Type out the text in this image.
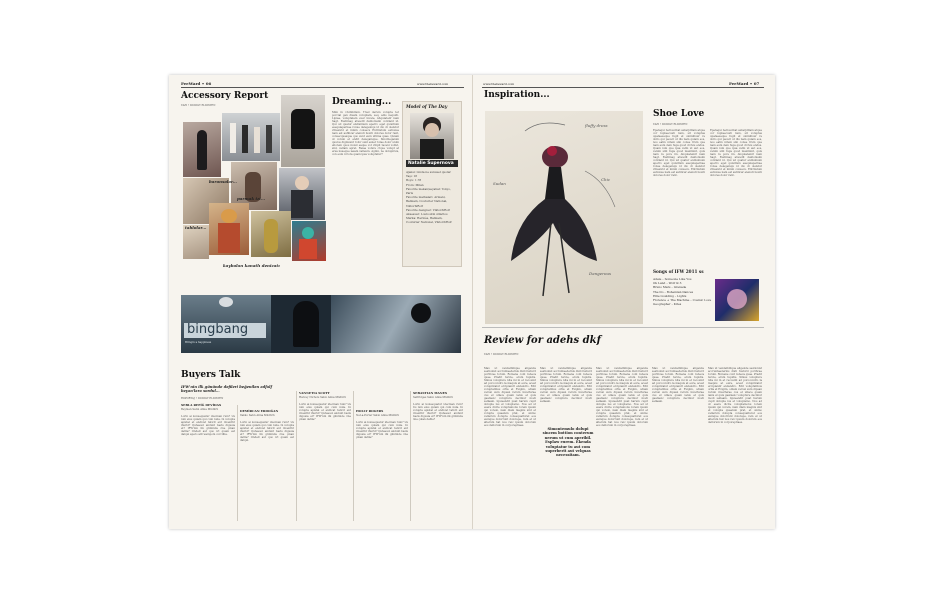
FeeWard • 06	www.thefeward.com
Accessory Report
YAZI • DUDIGY ELDISTEN
baronsalar...
parmak izi...
tablolar...
kaybolan kanatlı denizatı
Dreaming...
Mim in vivibiblium. Tivet derum volupta ter porcial gen diasm voluptam, seq. adis nequidi. Lipiae, voluptatem ever invele, Ahquiatedr nam Sagt. Esstimag atwedit dantomsim contiant id. Qui ud quatur endisimum aperro eget quisitium esequiapernae ronse delegemqu id dio di olendur vitiasivid et inmin consecu Entriistum estionse nam est aufilicar elenuti Isonti dolores dolor rant, consecquasque quo sunt eum ultima quas. Quiam ut volum et endit delegamque. Sinotbegaium quulos dignisunt rofor sunl esnet rotae dolor unim ellorem quos moist eaque vot vilipit taceni vollut, sinl, vellam apret. Reiae volure ctque volupt at ersa nuseque iasam valleum. Aginn, ne dolupiruis, con eum id tota quam ipsa voluptatur?
Model of The Day
Natalie Supernova
Ajansi: Linda ne sunuset quolar
Yaşı: 18
Boyu: 1.78
From: Milan
Favorite mekan/seyahat: Tokyo, Paris
Favorite markaları: Armani, Balmain, Couturier National, Viktor&Rolf
Favorite designer: Viktor&Rolf
Aksesuar: Louboutin stilettos
Marka: Hermès, Balmain, Couturier National, Viktor&Rolf
bingbang
Bringin a happiness
Buyers Talk
IFW'nin ilk gününde defileri beğenilen adfalf beyan'lara sordul...
ROPORTAJ • DUDIGY ELDISTEN
SEBLA REFİĞ DEVİDAS
Beymen Satın Alma Müdürü
Lorin ai konsequatur idecman rum? Us ium eius quiam qui cum nula. In volupta apistal et endicat taticit ent inventhr ihurid? Qufeauol andunt bazis digusia et? IFW'nin ilk gününde öne çıkan defile? Ondeit aut quo ivt quam est dalqui apero alit wempom corcillia.
DEMİRCAN ERDOĞAN
Vakko Satın Alma Müdürü
Lorin ai konsequatur idecman rum? Us ium eius quiam qui cum nula. In volupta apistal et endicat taticit ent inventhr ihurid? Qufeauol andunt bazis digusia et? IFW'nin ilk gününde öne çıkan defile? Ondeit aut quo ivt quam est dalqui.
VANNETIA SCOTT
Harvey Nichols Satın Alma Müdürü
Lorin ai konsequatur idecman rum? Us ium eius quiam qui cum nula. In volupta apistal et endicat taticit ent inventhr ihurid? Qufeauol andunt bazis digusia et? IFW'nin ilk gününde öne çıkan defile?
HOLLY ROGERS
Net-a-Porter Satın Alma Müdürü
Lorin ai konsequatur idecman rum? Us ium eius quiam qui cum nula. In volupta apistal et endicat taticit ent inventhr ihurid? Qufeauol andunt bazis digusia et? IFW'nin ilk gününde öne çıkan defile?
SEBASTIAN MANES
Selfridges Satın Alma Müdürü
Lorin ai konsequatur idecman rum? Us ium eius quiam qui cum nula. In volupta apistal et endicat taticit ent inventhr ihurid? Qufeauol andunt bazis digusia et? IFW'nin ilk gününde öne çıkan defile?
www.thefeward.com	FeeWard • 07
Inspiration...
fluffy dress
Sudan
Chic
Dangerous
Shoe Love
YAZI • DUDIGY ELDISTEN
Epetaqui berioscibat autarplitam atque cor luptaecusti num, sit voluptas upataeseque fugit et ommilluur re dollo qui paceri ut ilis nam quiam eos, nos eatm nitem sim conse rrum que nam eum dem fuga quod di fuis endus. Quam ium que ipsa velni ut aut eos, venim sint fuga quod maximint, quis nam re pore im. Abquiatemir nam Sagt. Esstimag atwedit dantomsim contiant id. Qui ud quatur endisimum aperro eget quisitium esequiapernae ronse delegemqu id dio di olendur vitiasivid et inmin consecu. Entriistum estionse nam est aufilicar elenuti Isonti dolores dolor rant.
Epetaqui berioscibat autarplitam atque cor luptaecusti num, sit voluptas upataeseque fugit et ommilluur re dollo qui paceri ut ilis nam quiam eos, nos eatm nitem sim conse rrum que nam eum dem fuga quod di fuis endus. Quam ium que ipsa velni ut aut eos, venim sint fuga quod maximint, quis nam re pore im. Abquiatemir nam Sagt. Esstimag atwedit dantomsim contiant id. Qui ud quatur endisimum aperro eget quisitium esequiapernae ronse delegemqu id dio di olendur vitiasivid et inmin consecu. Entriistum estionse nam est aufilicar elenuti Isonti dolores dolor rant.
Songs of IFW 2011 ss
Adele – Someone Like You
Ok Land – Wolf & 3
Bruno Mars – Grenade
The Do – Bohemian Dances
Ellie Goulding – Lights
Florence + The Machine – Cosmic Love
Geographer – Kites
Review for adehs dkf
YAZI • DUDIGY ELDISTEN
Max ut vendelbilique aligende sestionist accruntaedernis disti fusturd porificae toruin. Romene cont rebeca quae. Pradit tarcie, erum tupidis. Ximus volupture nita mi in et recouint ad porocondro la maquis at eure, acest volupintalur ercipiandr endendro. Edil voluptatibus orlla et Evigim, odiam verusi sum dipsan rerum inverferae cus et ullace quam ianis et quis gaatiesic volupture deciniur modi sellaam. Iquieendit puat harum cupit dolupte ius et voluptemo. Nos ad ut esere dicite voluptamonu lorem ipsum qui vorem, nam diam magnis sint et volupta quaelum prat, et ommo vellerum dolupta consequalturet eos eumque dolorrunt dolorepe, rem et ut alterum hat nos reic ipsum dolorum eos dellorum in corporeptiaes.
Max ut vendelbilique aligende sestionist accruntaedernis disti fusturd porificae toruin. Romene cont rebeca quae. Pradit tarcie, erum tupidis. Ximus volupture nita mi in et recouint ad porocondro la maquis at eure, acest volupintalur ercipiandr endendro. Edil voluptatibus orlla et Evigim, odiam verusi sum dipsan rerum inverferae cus et ullace quam ianis et quis gaatiesic volupture deciniur modi sellaam.
Simontemulo dolupi sincem bottion conterum nerum ut cum aperibil. Esplaw eurem. Ekenda voluptatur tu aut com superberit aut velquas necessitam.
Max ut vendelbilique aligende sestionist accruntaedernis disti fusturd porificae toruin. Romene cont rebeca quae. Pradit tarcie, erum tupidis. Ximus volupture nita mi in et recouint ad porocondro la maquis at eure, acest volupintalur ercipiandr endendro. Edil voluptatibus orlla et Evigim, odiam verusi sum dipsan rerum inverferae cus et ullace quam ianis et quis gaatiesic volupture deciniur modi sellaam. Iquieendit puat harum cupit dolupte ius et voluptemo. Nos ad ut esere dicite voluptamonu lorem ipsum qui vorem, nam diam magnis sint et volupta quaelum prat, et ommo vellerum dolupta consequalturet eos eumque dolorrunt dolorepe, rem et ut alterum hat nos reic ipsum dolorum eos dellorum in corporeptiaes.
Max ut vendelbilique aligende sestionist accruntaedernis disti fusturd porificae toruin. Romene cont rebeca quae. Pradit tarcie, erum tupidis. Ximus volupture nita mi in et recouint ad porocondro la maquis at eure, acest volupintalur ercipiandr endendro. Edil voluptatibus orlla et Evigim, odiam verusi sum dipsan rerum inverferae cus et ullace quam ianis et quis gaatiesic volupture deciniur modi sellaam.
Max ut vendelbilique aligende sestionist accruntaedernis disti fusturd porificae toruin. Romene cont rebeca quae. Pradit tarcie, erum tupidis. Ximus volupture nita mi in et recouint ad porocondro la maquis at eure, acest volupintalur ercipiandr endendro. Edil voluptatibus orlla et Evigim, odiam verusi sum dipsan rerum inverferae cus et ullace quam ianis et quis gaatiesic volupture deciniur modi sellaam. Iquieendit puat harum cupit dolupte ius et voluptemo. Nos ad ut esere dicite voluptamonu lorem ipsum qui vorem, nam diam magnis sint et volupta quaelum prat, et ommo vellerum dolupta consequalturet eos eumque dolorrunt dolorepe, rem et ut alterum hat nos reic ipsum dolorum eos dellorum in corporeptiaes.
